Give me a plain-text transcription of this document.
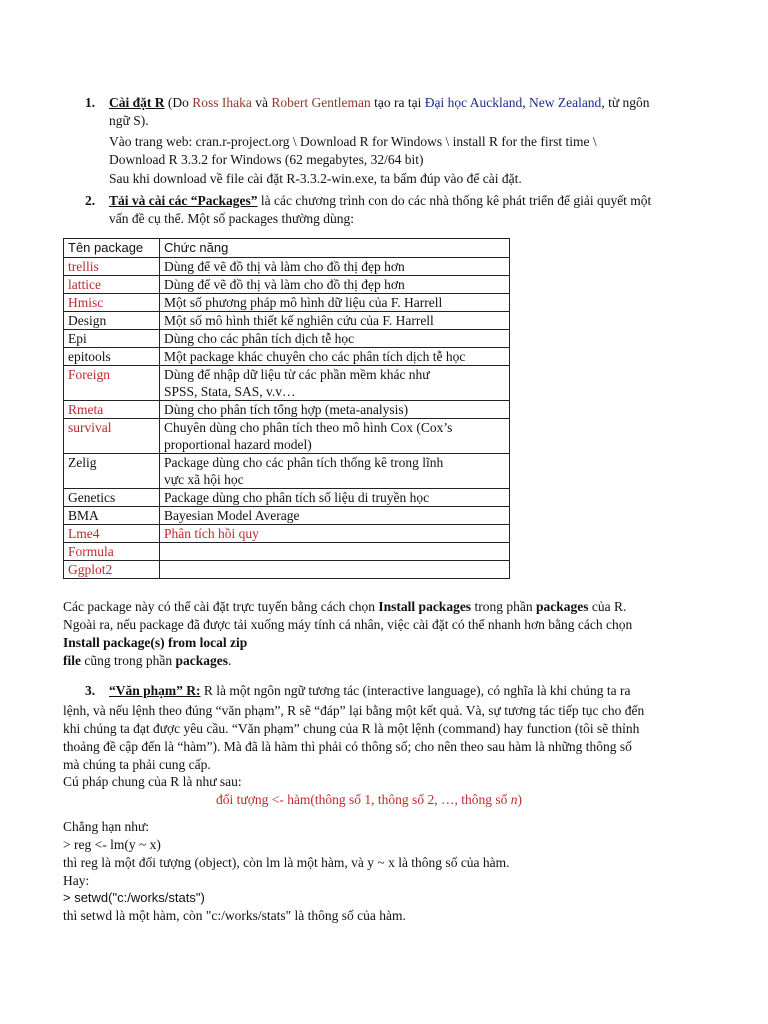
1. Cài đặt R (Do Ross Ihaka và Robert Gentleman tạo ra tại Đại học Auckland, New Zealand, từ ngôn
ngữ S).
Vào trang web: cran.r-project.org \ Download R for Windows \ install R for the first time \
Download R 3.3.2 for Windows (62 megabytes, 32/64 bit)
Sau khi download về file cài đặt R-3.3.2-win.exe, ta bấm đúp vào để cài đặt.
2. Tải và cài các “Packages” là các chương trình con do các nhà thống kê phát triển để giải quyết một
vấn đề cụ thể. Một số packages thường dùng:
Tên package	Chức năng
trellis	Dùng để vẽ đồ thị và làm cho đồ thị đẹp hơn

lattice	Dùng để vẽ đồ thị và làm cho đồ thị đẹp hơn

Hmisc	Một số phương pháp mô hình dữ liệu của F. Harrell

Design	Một số mô hình thiết kế nghiên cứu của F. Harrell

Epi	Dùng cho các phân tích dịch tễ học

epitools	Một package khác chuyên cho các phân tích dịch tễ học

Foreign	Dùng để nhập dữ liệu từ các phần mềm khác như
SPSS, Stata, SAS, v.v…

Rmeta	Dùng cho phân tích tổng hợp (meta-analysis)

survival	Chuyên dùng cho phân tích theo mô hình Cox (Cox’s
proportional hazard model)

Zelig	Package dùng cho các phân tích thống kê trong lĩnh
vực xã hội học

Genetics	Package dùng cho phân tích số liệu di truyền học

BMA	Bayesian Model Average

Lme4	Phân tích hồi quy

Formula	

Ggplot2	

Các package này có thể cài đặt trực tuyến bằng cách chọn Install packages trong phần packages của R.
Ngoài ra, nếu package đã được tải xuống máy tính cá nhân, việc cài đặt có thể nhanh hơn bằng cách chọn
Install package(s) from local zip
file cũng trong phần packages.
3. “Văn phạm” R: R là một ngôn ngữ tương tác (interactive language), có nghĩa là khi chúng ta ra
lệnh, và nếu lệnh theo đúng “văn phạm”, R sẽ “đáp” lại bằng một kết quả. Và, sự tương tác tiếp tục cho đến
khi chúng ta đạt được yêu cầu. “Văn phạm” chung của R là một lệnh (command) hay function (tôi sẽ thỉnh
thoảng đề cập đến là “hàm”). Mà đã là hàm thì phải có thông số; cho nên theo sau hàm là những thông số
mà chúng ta phải cung cấp.
Cú pháp chung của R là như sau:
đối tượng <- hàm(thông số 1, thông số 2, …, thông số n)
Chẳng hạn như:
> reg <- lm(y ~ x)
thì reg là một đối tượng (object), còn lm là một hàm, và y ~ x là thông số của hàm.
Hay:
> setwd("c:/works/stats")
thì setwd là một hàm, còn "c:/works/stats" là thông số của hàm.
